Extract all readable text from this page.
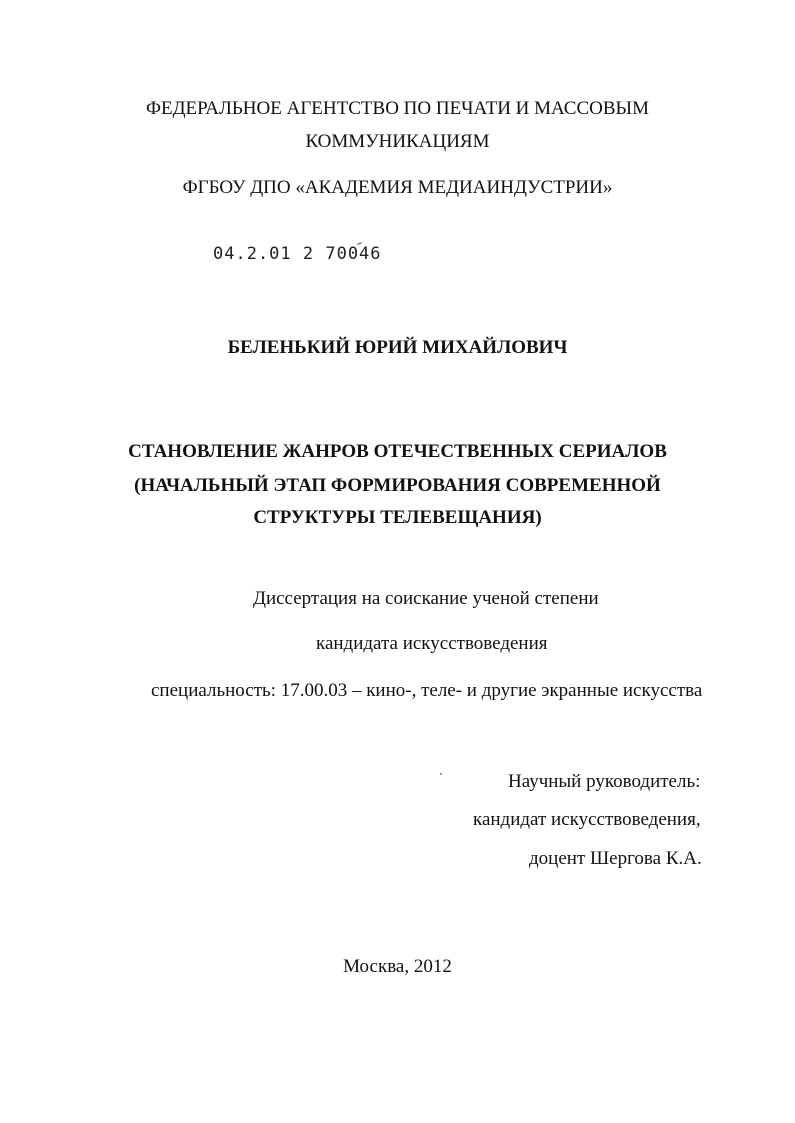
ФЕДЕРАЛЬНОЕ АГЕНТСТВО ПО ПЕЧАТИ И МАССОВЫМ
КОММУНИКАЦИЯМ
ФГБОУ ДПО «АКАДЕМИЯ МЕДИАИНДУСТРИИ»
04.2.01 2 70046
БЕЛЕНЬКИЙ ЮРИЙ МИХАЙЛОВИЧ
СТАНОВЛЕНИЕ ЖАНРОВ ОТЕЧЕСТВЕННЫХ СЕРИАЛОВ
(НАЧАЛЬНЫЙ ЭТАП ФОРМИРОВАНИЯ СОВРЕМЕННОЙ
СТРУКТУРЫ ТЕЛЕВЕЩАНИЯ)
Диссертация на соискание ученой степени
кандидата искусствоведения
специальность: 17.00.03 – кино-, теле- и другие экранные искусства
Научный руководитель:
кандидат искусствоведения,
доцент Шергова К.А.
Москва, 2012
